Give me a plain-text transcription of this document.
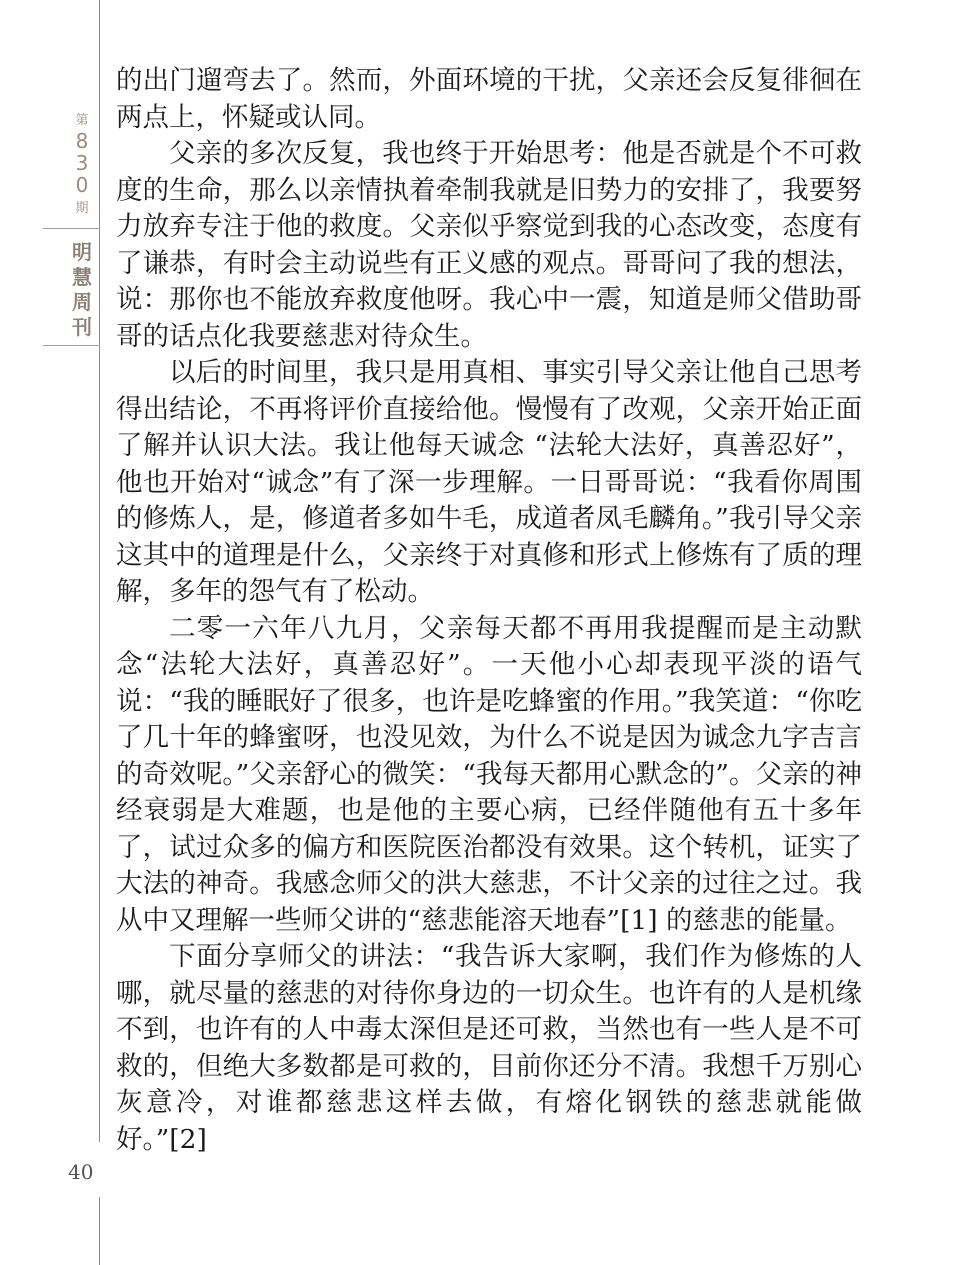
第
8
3
0
期
明
慧
周
刊

的出门遛弯去了。然而，外面环境的干扰，父亲还会反复徘徊在两点上，怀疑或认同。

父亲的多次反复，我也终于开始思考：他是否就是个不可救度的生命，那么以亲情执着牵制我就是旧势力的安排了，我要努力放弃专注于他的救度。父亲似乎察觉到我的心态改变，态度有了谦恭，有时会主动说些有正义感的观点。哥哥问了我的想法，说：那你也不能放弃救度他呀。我心中一震，知道是师父借助哥哥的话点化我要慈悲对待众生。

以后的时间里，我只是用真相、事实引导父亲让他自己思考得出结论，不再将评价直接给他。慢慢有了改观，父亲开始正面了解并认识大法。我让他每天诚念 “法轮大法好，真善忍好”，他也开始对“诚念”有了深一步理解。一日哥哥说：“我看你周围的修炼人，是，修道者多如牛毛，成道者凤毛麟角。”我引导父亲这其中的道理是什么，父亲终于对真修和形式上修炼有了质的理解，多年的怨气有了松动。

二零一六年八九月，父亲每天都不再用我提醒而是主动默念“法轮大法好，真善忍好”。一天他小心却表现平淡的语气说：“我的睡眠好了很多，也许是吃蜂蜜的作用。”我笑道：“你吃了几十年的蜂蜜呀，也没见效，为什么不说是因为诚念九字吉言的奇效呢。”父亲舒心的微笑：“我每天都用心默念的”。父亲的神经衰弱是大难题，也是他的主要心病，已经伴随他有五十多年了，试过众多的偏方和医院医治都没有效果。这个转机，证实了大法的神奇。我感念师父的洪大慈悲，不计父亲的过往之过。我从中又理解一些师父讲的“慈悲能溶天地春”[1] 的慈悲的能量。

下面分享师父的讲法：“我告诉大家啊，我们作为修炼的人哪，就尽量的慈悲的对待你身边的一切众生。也许有的人是机缘不到，也许有的人中毒太深但是还可救，当然也有一些人是不可救的，但绝大多数都是可救的，目前你还分不清。我想千万别心灰意冷，对谁都慈悲这样去做，有熔化钢铁的慈悲就能做好。”[2]

40
